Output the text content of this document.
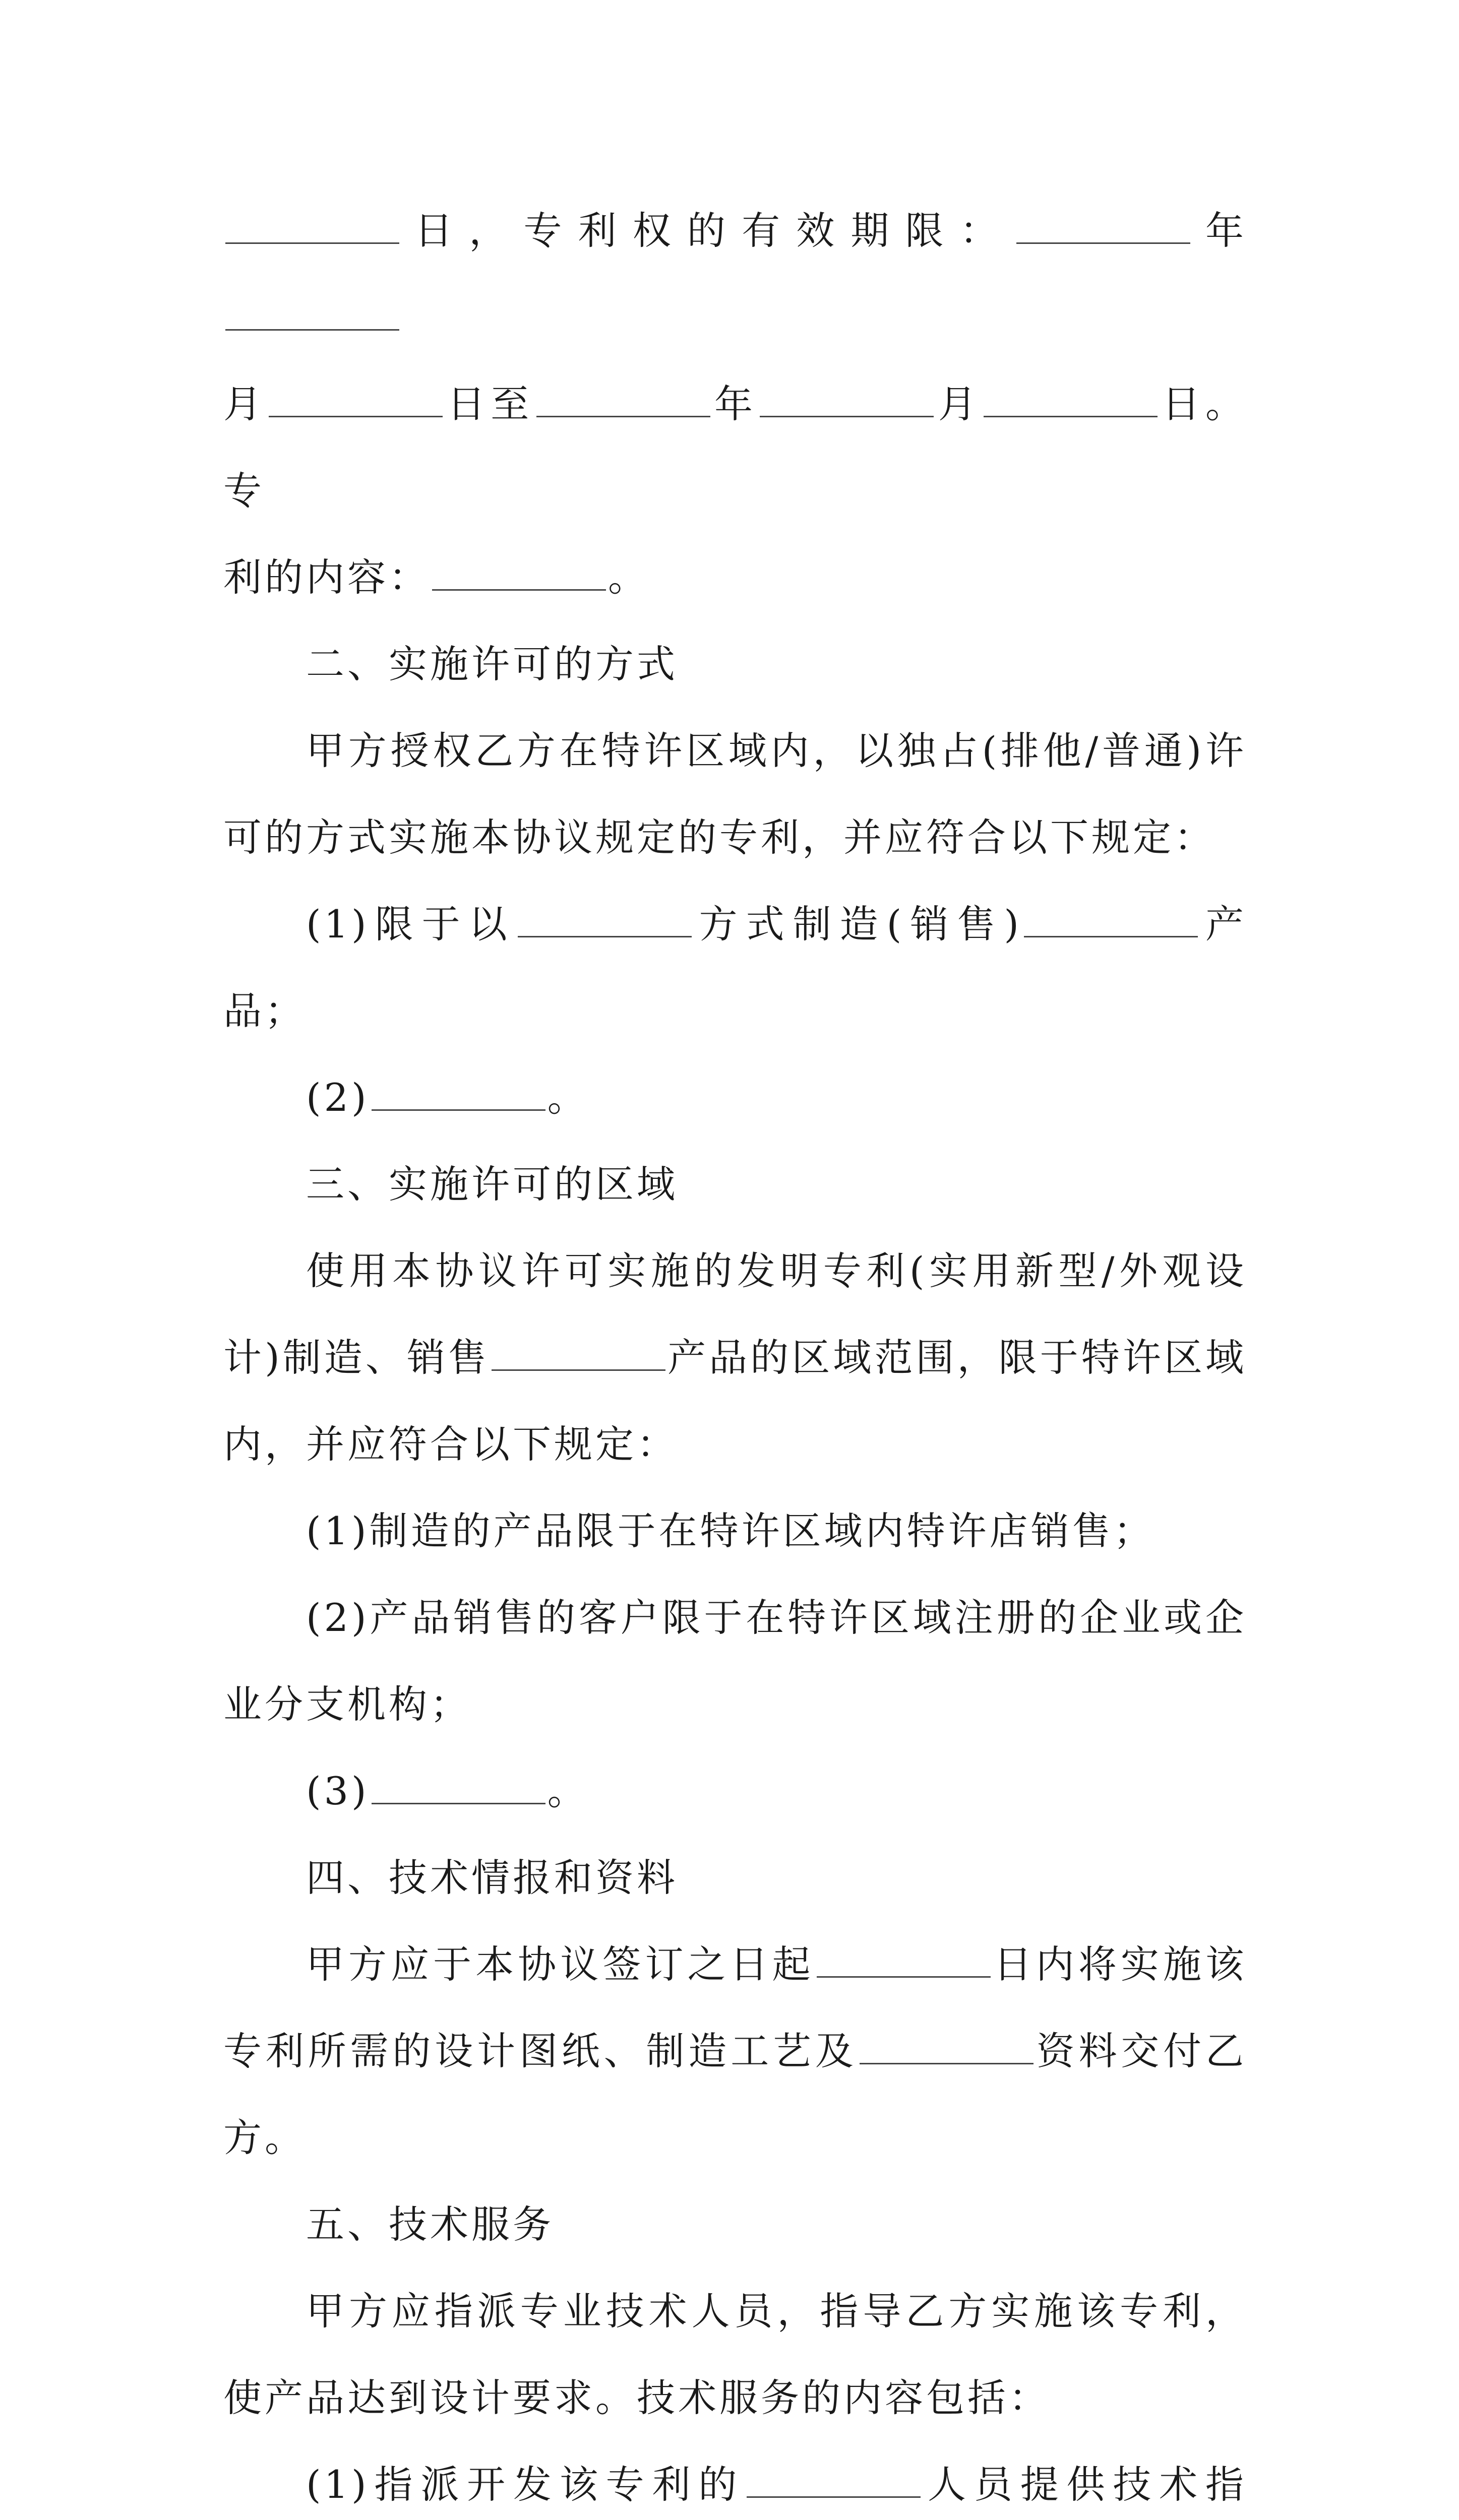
日，专利权的有效期限：	年

月	日至	年	月	日。专

利的内容：	。

二、实施许可的方式

甲方授权乙方在特许区域内，以独占(排他/普通)许可的方式实施本协议规定的专利，并应符合以下规定：

(1)限于以	方式制造(销售)	产品；

(2)	。

三、实施许可的区域

使用本协议许可实施的发明专利(实用新型/外观设计)制造、销售	产品的区域范围，限于特许区域内，并应符合以下规定：

(1)制造的产品限于在特许区域内特许店销售；

(2)产品销售的客户限于在特许区域注册的企业或企业分支机构；

(3)	。

四、技术情报和资料

甲方应于本协议签订之日起	日内将实施该专利所需的设计图纸、制造工艺及	资料交付乙方。

五、技术服务

甲方应指派专业技术人员，指导乙方实施该专利，使产品达到设计要求。技术服务的内容包括：

(1)指派开发该专利的	人员提供技术指
